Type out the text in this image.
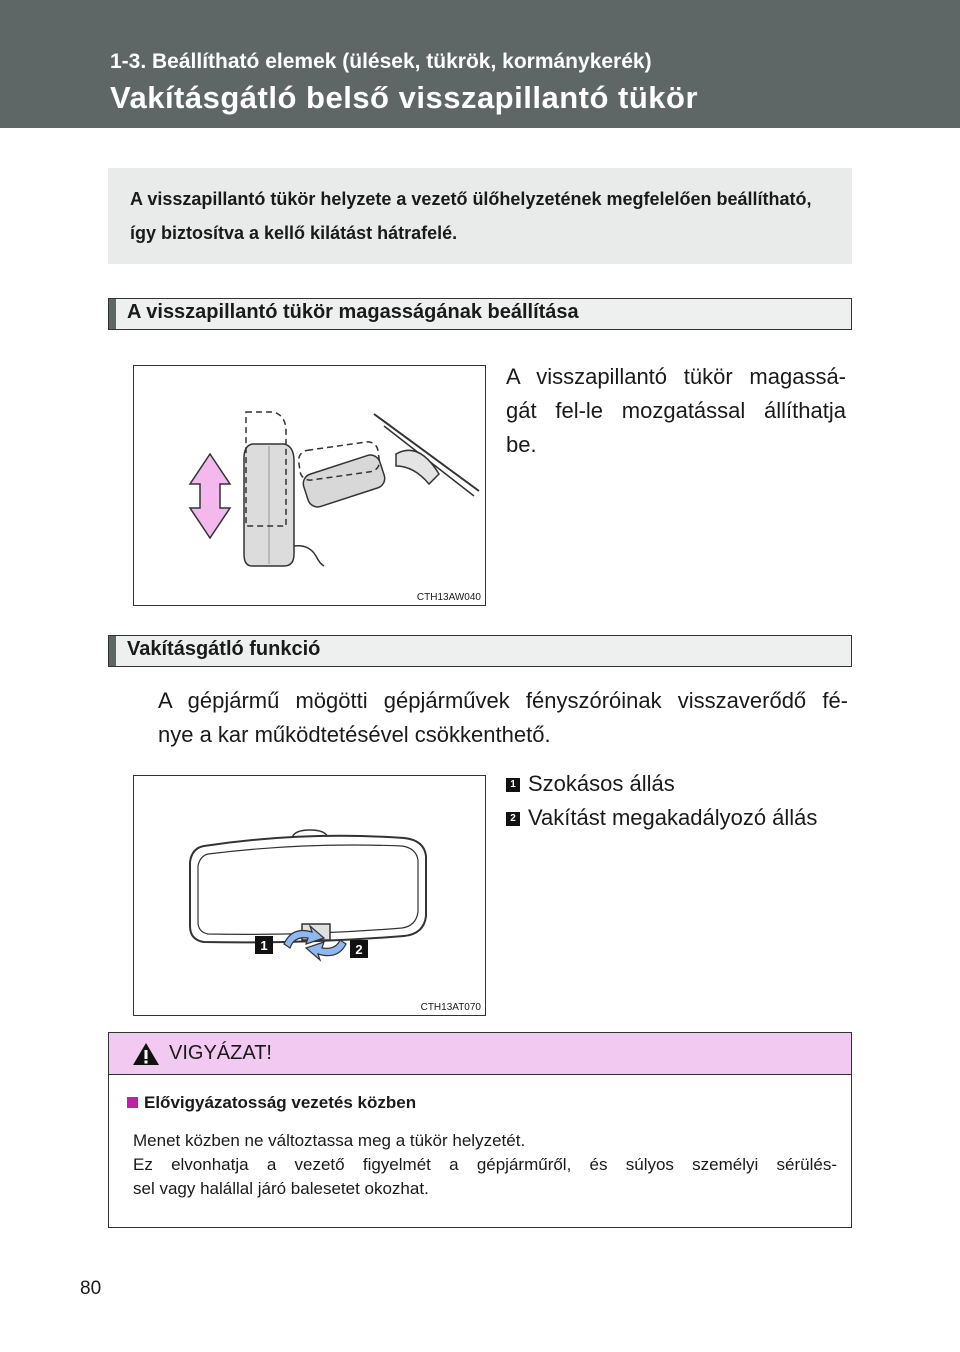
1-3. Beállítható elemek (ülések, tükrök, kormánykerék)
Vakításgátló belső visszapillantó tükör
A visszapillantó tükör helyzete a vezető ülőhelyzetének megfelelően beállítható, így biztosítva a kellő kilátást hátrafelé.
A visszapillantó tükör magasságának beállítása
CTH13AW040
A visszapillantó tükör magassá-
gát fel-le mozgatással állíthatja
be.
Vakításgátló funkció
A gépjármű mögötti gépjárművek fényszóróinak visszaverődő fé-
nye a kar működtetésével csökkenthető.
1	2
CTH13AT070
1 Szokásos állás
2 Vakítást megakadályozó állás
VIGYÁZAT!
Elővigyázatosság vezetés közben
Menet közben ne változtassa meg a tükör helyzetét.
Ez elvonhatja a vezető figyelmét a gépjárműről, és súlyos személyi sérülés-
sel vagy halállal járó balesetet okozhat.
80
